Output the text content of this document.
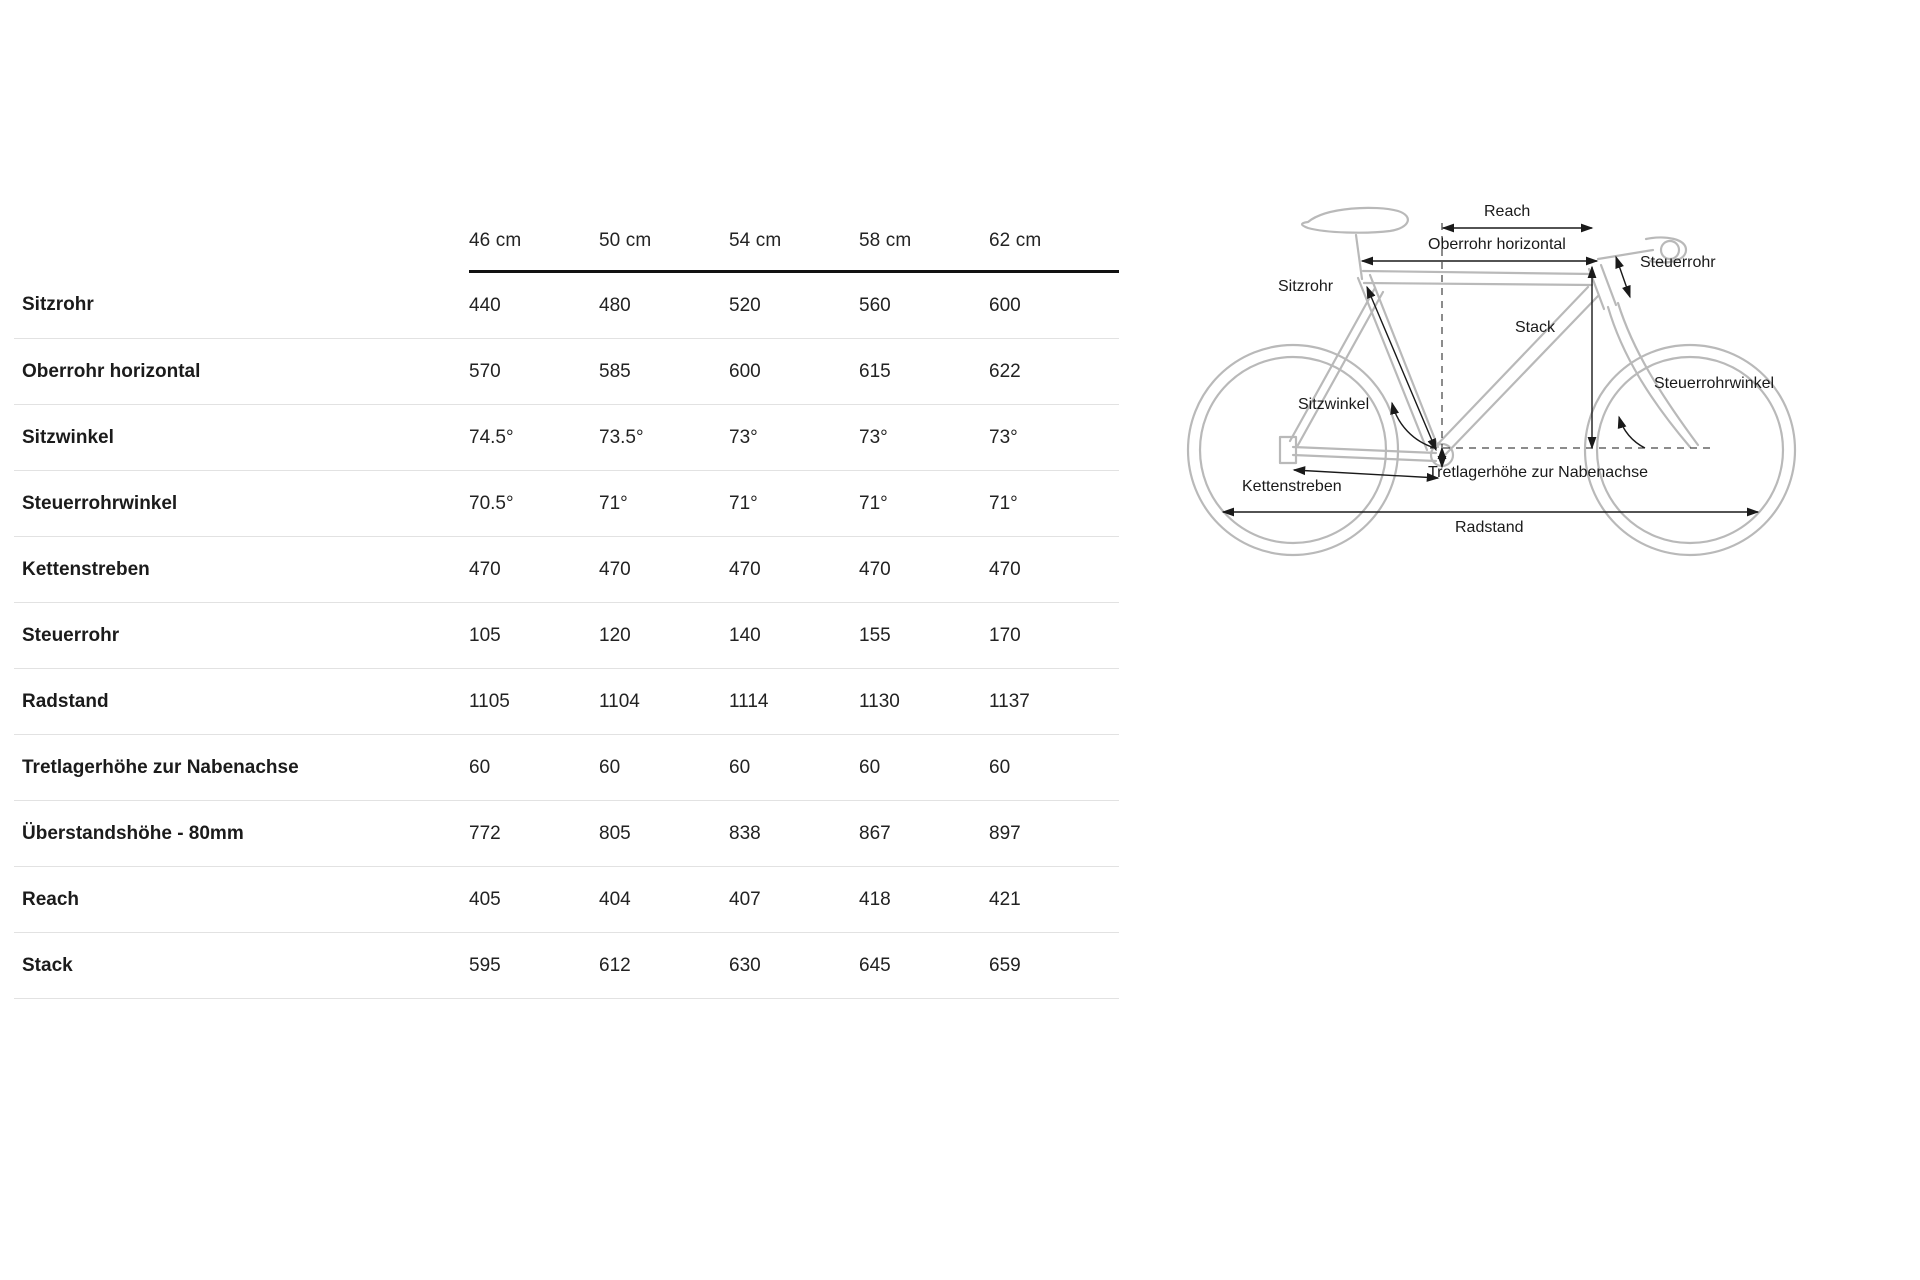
	46 cm	50 cm	54 cm	58 cm	62 cm
Sitzrohr	440	480	520	560	600
Oberrohr horizontal	570	585	600	615	622
Sitzwinkel	74.5°	73.5°	73°	73°	73°
Steuerrohrwinkel	70.5°	71°	71°	71°	71°
Kettenstreben	470	470	470	470	470
Steuerrohr	105	120	140	155	170
Radstand	1105	1104	1114	1130	1137
Tretlagerhöhe zur Nabenachse	60	60	60	60	60
Überstandshöhe - 80mm	772	805	838	867	897
Reach	405	404	407	418	421
Stack	595	612	630	645	659
Reach
Oberrohr horizontal
Steuerrohr
Stack
Steuerrohrwinkel
Sitzrohr
Sitzwinkel
Tretlagerhöhe zur Nabenachse
Kettenstreben
Radstand
